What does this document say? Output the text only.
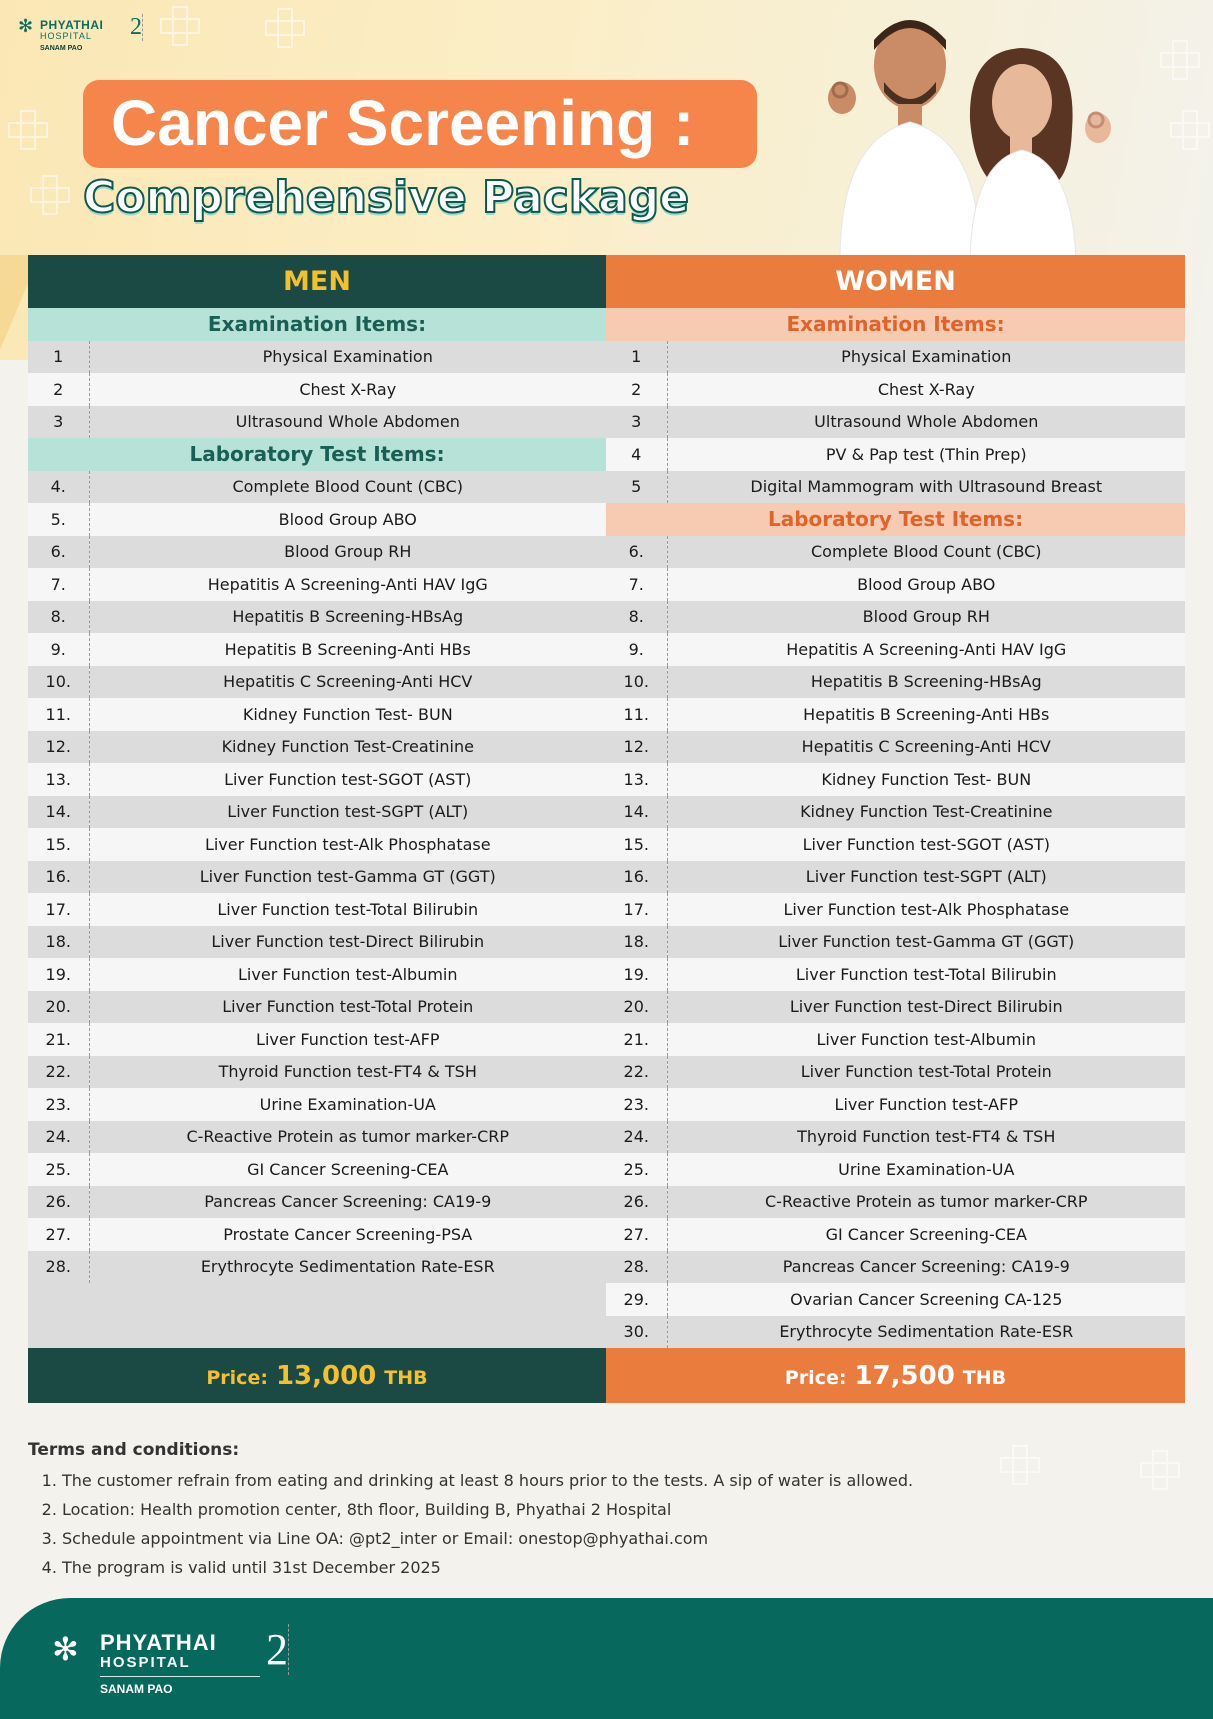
✻ PHYATHAI
HOSPITAL 2
SANAM PAO
Cancer Screening :
Comprehensive Package
MEN		WOMEN	
Examination Items:		Examination Items:	
1	Physical Examination	1	Physical Examination
2	Chest X-Ray	2	Chest X-Ray
3	Ultrasound Whole Abdomen	3	Ultrasound Whole Abdomen
Laboratory Test Items:		4	PV & Pap test (Thin Prep)
4.	Complete Blood Count (CBC)	5	Digital Mammogram with Ultrasound Breast
5.	Blood Group ABO	Laboratory Test Items:	
6.	Blood Group RH	6.	Complete Blood Count (CBC)
7.	Hepatitis A Screening-Anti HAV IgG	7.	Blood Group ABO
8.	Hepatitis B Screening-HBsAg	8.	Blood Group RH
9.	Hepatitis B Screening-Anti HBs	9.	Hepatitis A Screening-Anti HAV IgG
10.	Hepatitis C Screening-Anti HCV	10.	Hepatitis B Screening-HBsAg
11.	Kidney Function Test- BUN	11.	Hepatitis B Screening-Anti HBs
12.	Kidney Function Test-Creatinine	12.	Hepatitis C Screening-Anti HCV
13.	Liver Function test-SGOT (AST)	13.	Kidney Function Test- BUN
14.	Liver Function test-SGPT (ALT)	14.	Kidney Function Test-Creatinine
15.	Liver Function test-Alk Phosphatase	15.	Liver Function test-SGOT (AST)
16.	Liver Function test-Gamma GT (GGT)	16.	Liver Function test-SGPT (ALT)
17.	Liver Function test-Total Bilirubin	17.	Liver Function test-Alk Phosphatase
18.	Liver Function test-Direct Bilirubin	18.	Liver Function test-Gamma GT (GGT)
19.	Liver Function test-Albumin	19.	Liver Function test-Total Bilirubin
20.	Liver Function test-Total Protein	20.	Liver Function test-Direct Bilirubin
21.	Liver Function test-AFP	21.	Liver Function test-Albumin
22.	Thyroid Function test-FT4 & TSH	22.	Liver Function test-Total Protein
23.	Urine Examination-UA	23.	Liver Function test-AFP
24.	C-Reactive Protein as tumor marker-CRP	24.	Thyroid Function test-FT4 & TSH
25.	GI Cancer Screening-CEA	25.	Urine Examination-UA
26.	Pancreas Cancer Screening: CA19-9	26.	C-Reactive Protein as tumor marker-CRP
27.	Prostate Cancer Screening-PSA	27.	GI Cancer Screening-CEA
28.	Erythrocyte Sedimentation Rate-ESR	28.	Pancreas Cancer Screening: CA19-9
		29.	Ovarian Cancer Screening CA-125
		30.	Erythrocyte Sedimentation Rate-ESR
Price: 13,000 THB		Price: 17,500 THB	
Terms and conditions:
1. The customer refrain from eating and drinking at least 8 hours prior to the tests. A sip of water is allowed.
2. Location: Health promotion center, 8th floor, Building B, Phyathai 2 Hospital
3. Schedule appointment via Line OA: @pt2_inter or Email: onestop@phyathai.com
4. The program is valid until 31st December 2025
✻ PHYATHAI
HOSPITAL 2
SANAM PAO
